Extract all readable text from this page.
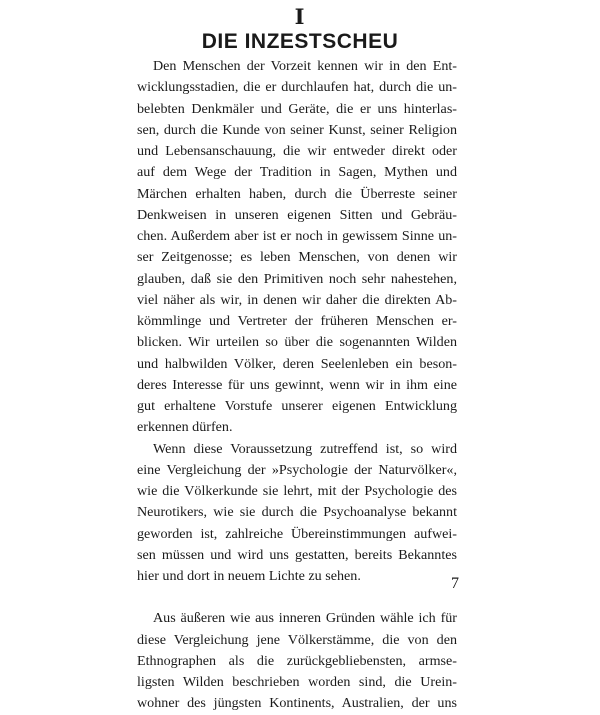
I
DIE INZESTSCHEU
Den Menschen der Vorzeit kennen wir in den Ent-
wicklungsstadien, die er durchlaufen hat, durch die un-
belebten Denkmäler und Geräte, die er uns hinterlas-
sen, durch die Kunde von seiner Kunst, seiner Religion
und Lebensanschauung, die wir entweder direkt oder
auf dem Wege der Tradition in Sagen, Mythen und
Märchen erhalten haben, durch die Überreste seiner
Denkweisen in unseren eigenen Sitten und Gebräu-
chen. Außerdem aber ist er noch in gewissem Sinne un-
ser Zeitgenosse; es leben Menschen, von denen wir
glauben, daß sie den Primitiven noch sehr nahestehen,
viel näher als wir, in denen wir daher die direkten Ab-
kömmlinge und Vertreter der früheren Menschen er-
blicken. Wir urteilen so über die sogenannten Wilden
und halbwilden Völker, deren Seelenleben ein beson-
deres Interesse für uns gewinnt, wenn wir in ihm eine
gut erhaltene Vorstufe unserer eigenen Entwicklung
erkennen dürfen.
Wenn diese Voraussetzung zutreffend ist, so wird
eine Vergleichung der »Psychologie der Naturvölker«,
wie die Völkerkunde sie lehrt, mit der Psychologie des
Neurotikers, wie sie durch die Psychoanalyse bekannt
geworden ist, zahlreiche Übereinstimmungen aufwei-
sen müssen und wird uns gestatten, bereits Bekanntes
hier und dort in neuem Lichte zu sehen.
Aus äußeren wie aus inneren Gründen wähle ich für
diese Vergleichung jene Völkerstämme, die von den
Ethnographen als die zurückgebliebensten, armse-
ligsten Wilden beschrieben worden sind, die Urein-
wohner des jüngsten Kontinents, Australien, der uns
7
